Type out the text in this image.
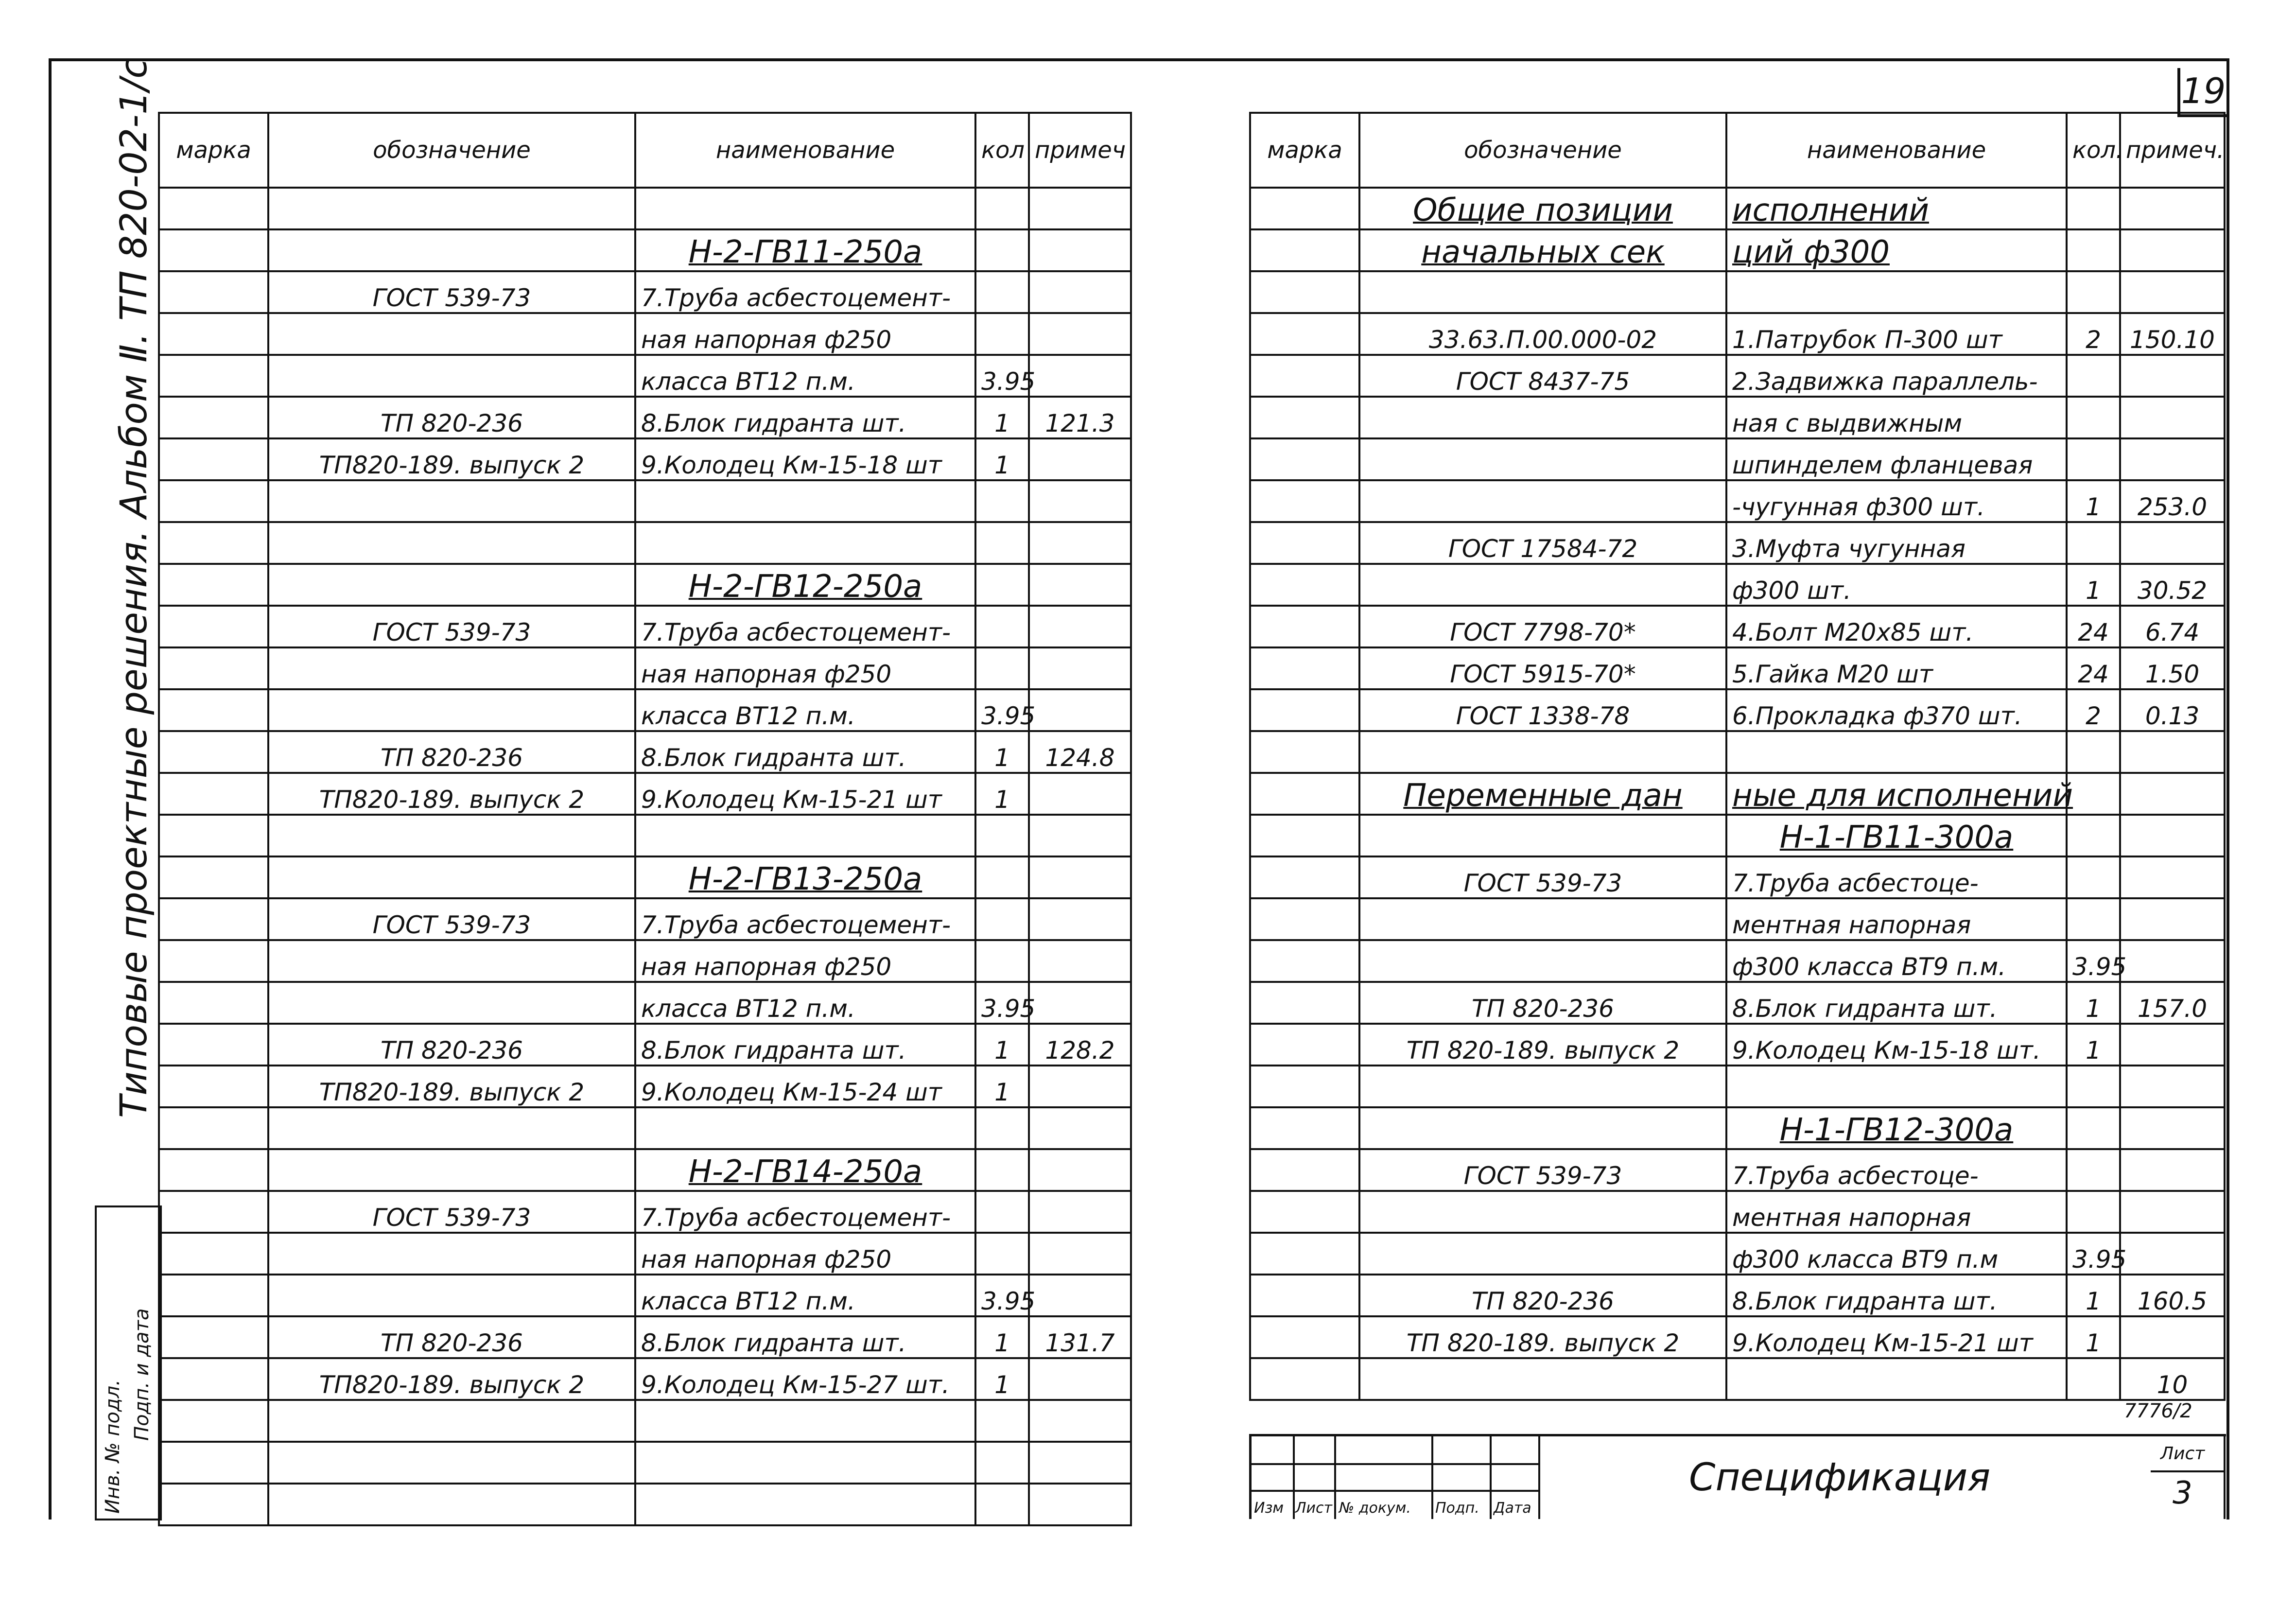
19
Типовые проектные решения. Альбом Ⅱ. ТП 820-02-1/с
Инв. № подл.
Подп. и дата
марка	обозначение	наименование	кол	примеч

		Н-2-ГВ11-250а		
	ГОСТ 539-73	7.Труба асбестоцемент-		
		ная напорная ф250		
		класса ВТ12 п.м.	3.95	
	ТП 820-236	8.Блок гидранта шт.	1	121.3
	ТП820-189. выпуск 2	9.Колодец Км-15-18 шт	1	

		Н-2-ГВ12-250а		
	ГОСТ 539-73	7.Труба асбестоцемент-		
		ная напорная ф250		
		класса ВТ12 п.м.	3.95	
	ТП 820-236	8.Блок гидранта шт.	1	124.8
	ТП820-189. выпуск 2	9.Колодец Км-15-21 шт	1	

		Н-2-ГВ13-250а		
	ГОСТ 539-73	7.Труба асбестоцемент-		
		ная напорная ф250		
		класса ВТ12 п.м.	3.95	
	ТП 820-236	8.Блок гидранта шт.	1	128.2
	ТП820-189. выпуск 2	9.Колодец Км-15-24 шт	1	

		Н-2-ГВ14-250а		
	ГОСТ 539-73	7.Труба асбестоцемент-		
		ная напорная ф250		
		класса ВТ12 п.м.	3.95	
	ТП 820-236	8.Блок гидранта шт.	1	131.7
	ТП820-189. выпуск 2	9.Колодец Км-15-27 шт.	1	

марка	обозначение	наименование	кол.	примеч.
	Общие позиции	исполнений		
	начальных сек	ций ф300		

	33.63.П.00.000-02	1.Патрубок П-300 шт	2	150.10
	ГОСТ 8437-75	2.Задвижка параллель-		
		ная с выдвижным		
		шпинделем фланцевая		
		-чугунная ф300 шт.	1	253.0
	ГОСТ 17584-72	3.Муфта чугунная		
		ф300 шт.	1	30.52
	ГОСТ 7798-70*	4.Болт М20х85 шт.	24	6.74
	ГОСТ 5915-70*	5.Гайка М20 шт	24	1.50
	ГОСТ 1338-78	6.Прокладка ф370 шт.	2	0.13

	Переменные дан	ные для исполнений		
		Н-1-ГВ11-300а		
	ГОСТ 539-73	7.Труба асбестоце-		
		ментная напорная		
		ф300 класса ВТ9 п.м.	3.95	
	ТП 820-236	8.Блок гидранта шт.	1	157.0
	ТП 820-189. выпуск 2	9.Колодец Км-15-18 шт.	1	

		Н-1-ГВ12-300а		
	ГОСТ 539-73	7.Труба асбестоце-		
		ментная напорная		
		ф300 класса ВТ9 п.м	3.95	
	ТП 820-236	8.Блок гидранта шт.	1	160.5
	ТП 820-189. выпуск 2	9.Колодец Км-15-21 шт	1	
				10
7776/2
Изм Лист № докум. Подп. Дата
Спецификация
Лист
3
